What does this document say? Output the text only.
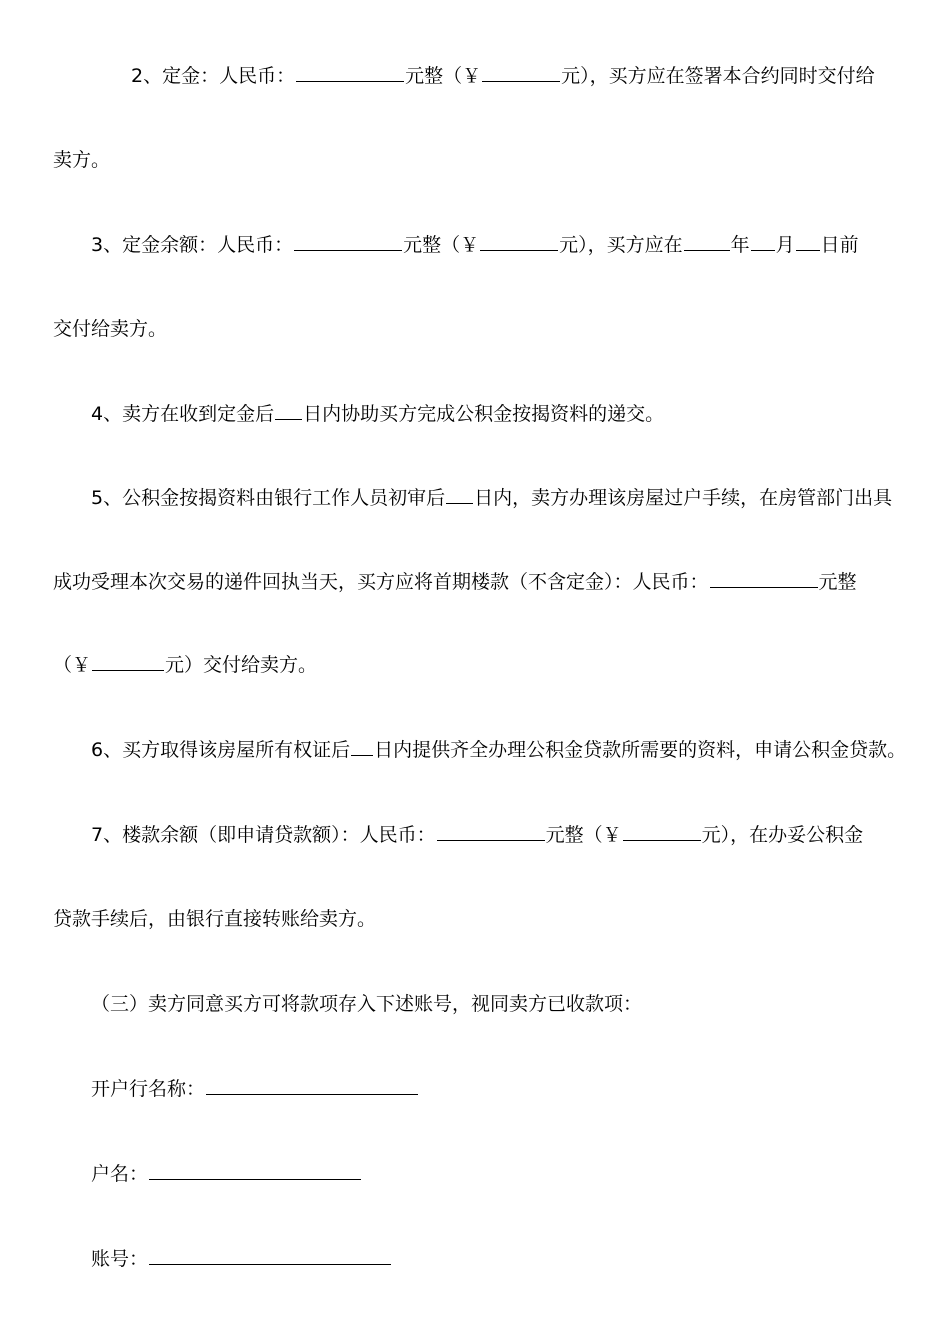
2、定金：人民币：	元整（￥	元），买方应在签署本合约同时交付给
卖方。
3、定金余额：人民币：	元整（￥	元），买方应在	年 月 日前
交付给卖方。
4、卖方在收到定金后 日内协助买方完成公积金按揭资料的递交。
5、公积金按揭资料由银行工作人员初审后 日内，卖方办理该房屋过户手续，在房管部门出具
成功受理本次交易的递件回执当天，买方应将首期楼款（不含定金）：人民币：	元整
（￥	元）交付给卖方。
6、买方取得该房屋所有权证后 日内提供齐全办理公积金贷款所需要的资料，申请公积金贷款。
7、楼款余额（即申请贷款额）：人民币：	元整（￥	元），在办妥公积金
贷款手续后，由银行直接转账给卖方。
（三）卖方同意买方可将款项存入下述账号，视同卖方已收款项：
开户行名称：
户名：
账号：
